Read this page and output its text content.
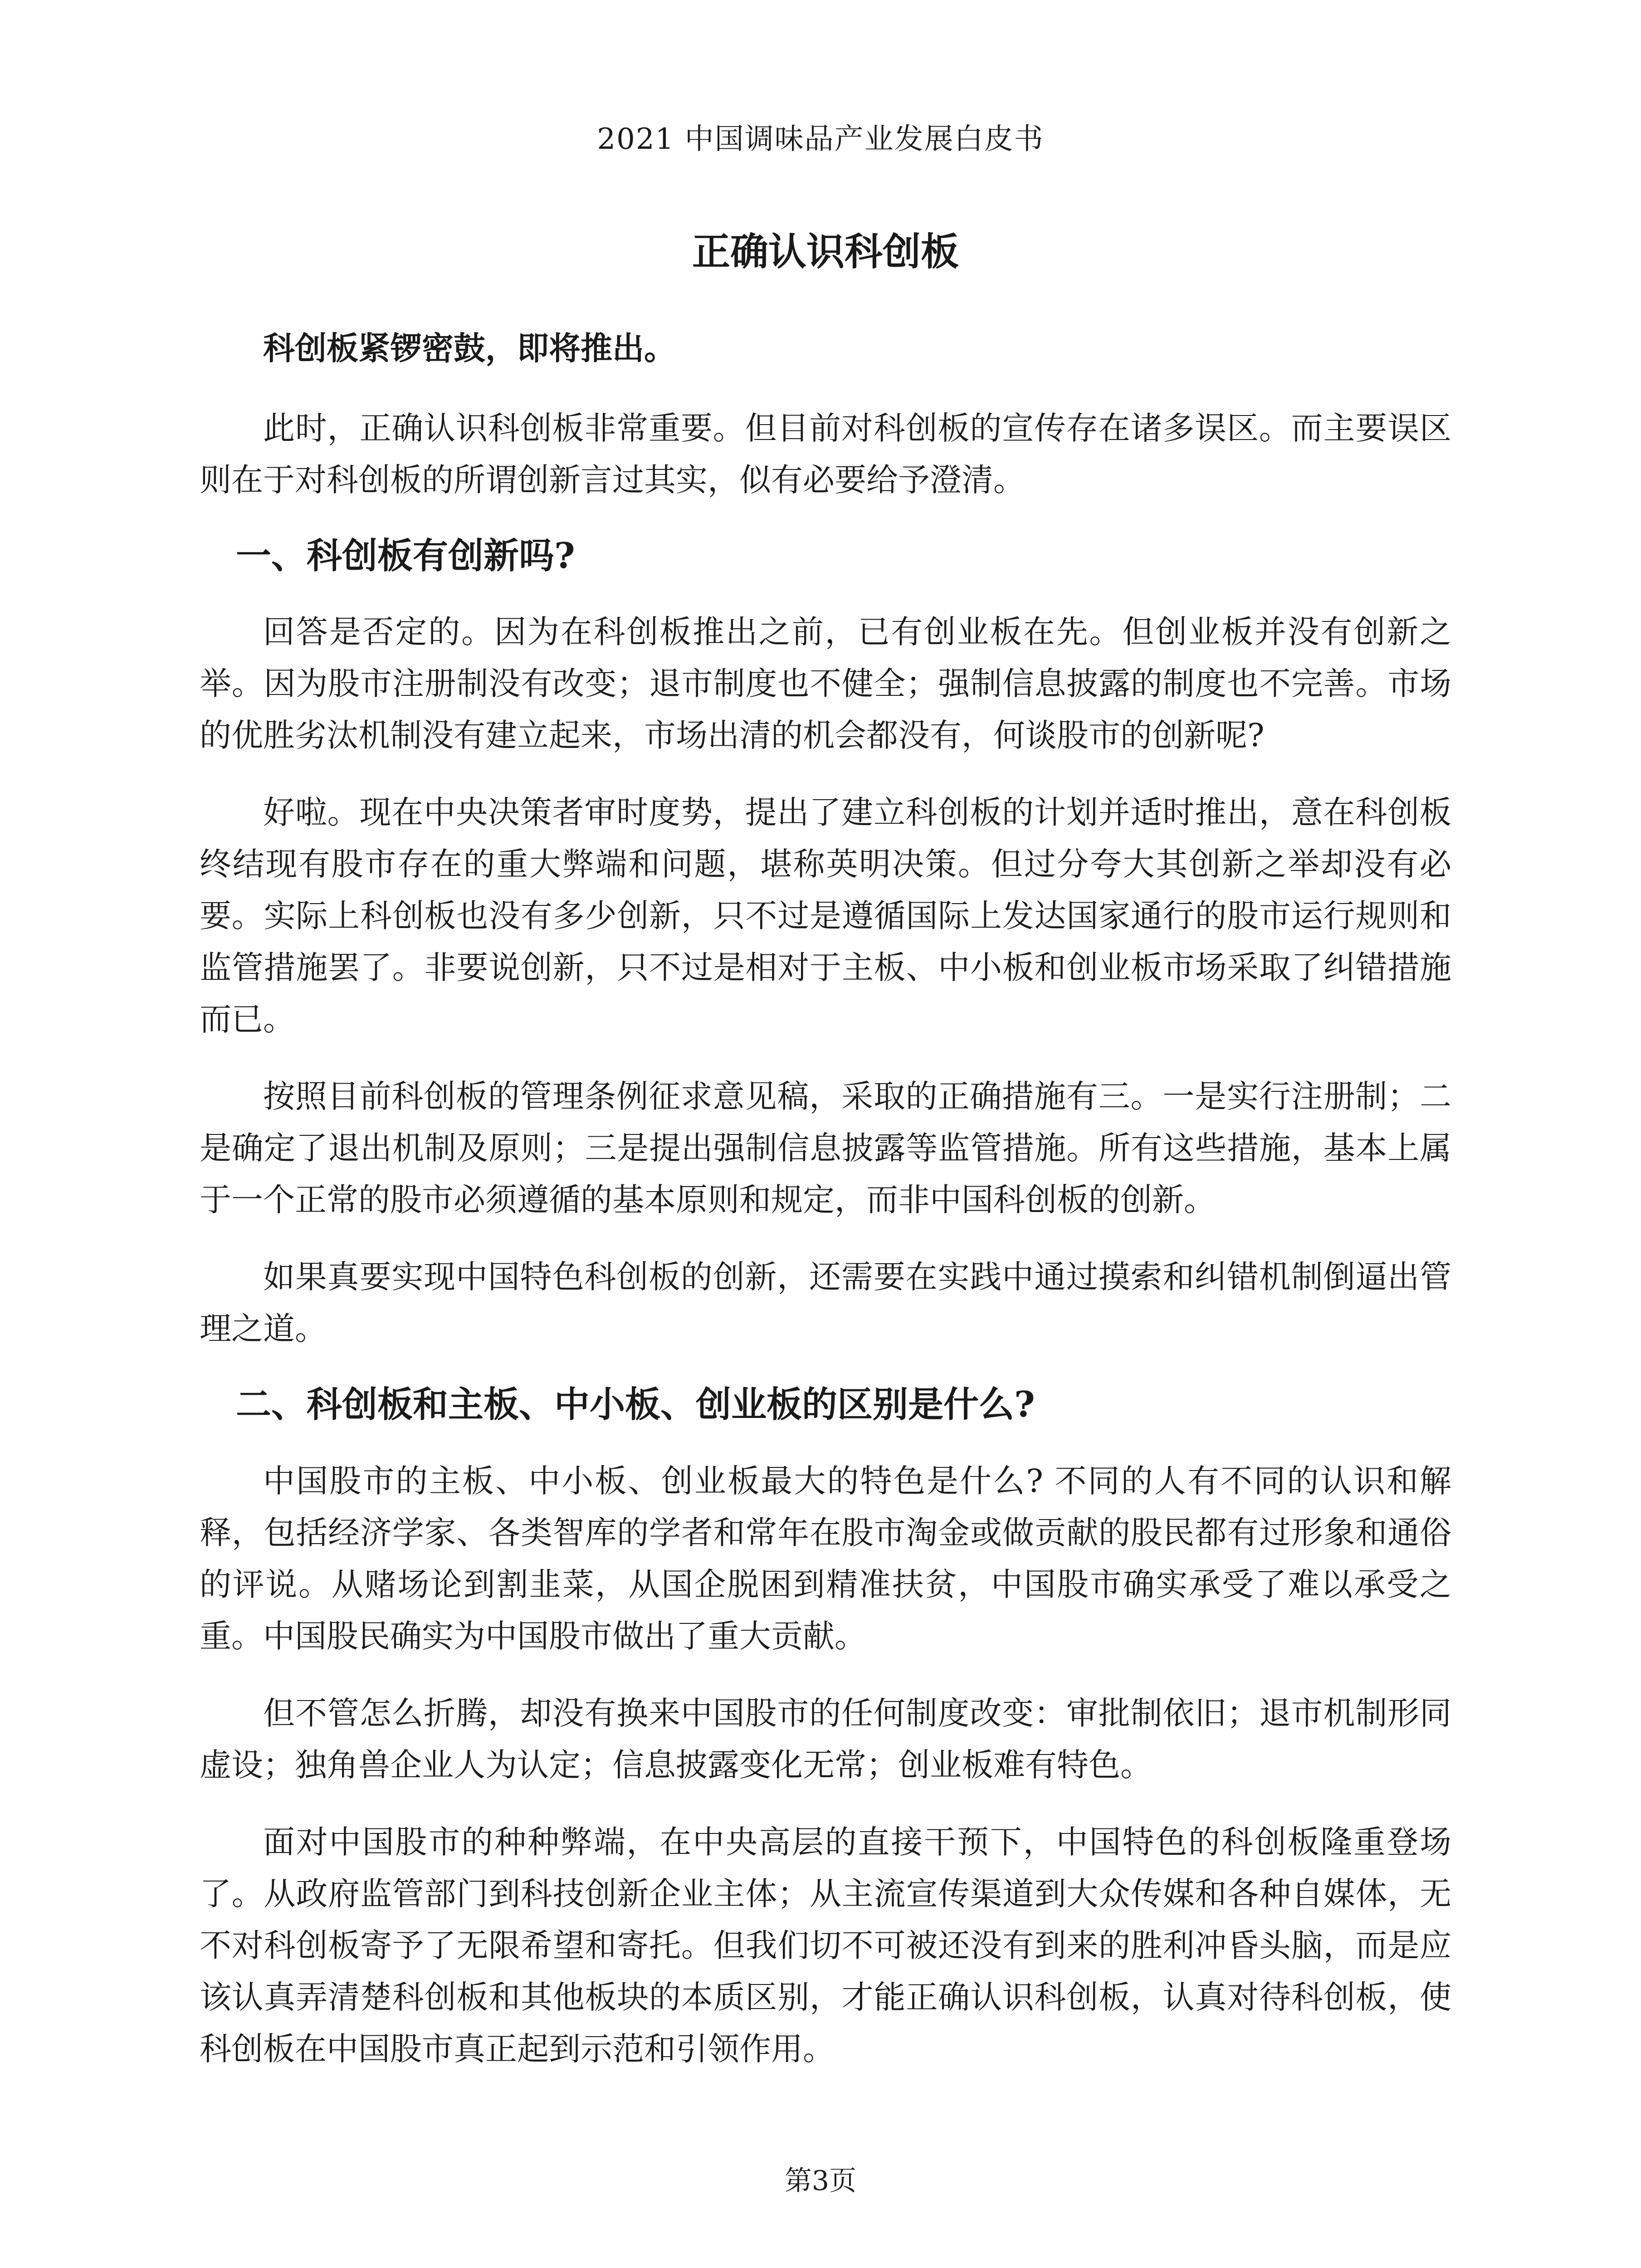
2021 中国调味品产业发展白皮书
正确认识科创板

科创板紧锣密鼓，即将推出。

此时，正确认识科创板非常重要。但目前对科创板的宣传存在诸多误区。而主要误区则在于对科创板的所谓创新言过其实，似有必要给予澄清。

一、科创板有创新吗?

回答是否定的。因为在科创板推出之前，已有创业板在先。但创业板并没有创新之举。因为股市注册制没有改变；退市制度也不健全；强制信息披露的制度也不完善。市场的优胜劣汰机制没有建立起来，市场出清的机会都没有，何谈股市的创新呢?

好啦。现在中央决策者审时度势，提出了建立科创板的计划并适时推出，意在科创板终结现有股市存在的重大弊端和问题，堪称英明决策。但过分夸大其创新之举却没有必要。实际上科创板也没有多少创新，只不过是遵循国际上发达国家通行的股市运行规则和监管措施罢了。非要说创新，只不过是相对于主板、中小板和创业板市场采取了纠错措施而已。

按照目前科创板的管理条例征求意见稿，采取的正确措施有三。一是实行注册制；二是确定了退出机制及原则；三是提出强制信息披露等监管措施。所有这些措施，基本上属于一个正常的股市必须遵循的基本原则和规定，而非中国科创板的创新。

如果真要实现中国特色科创板的创新，还需要在实践中通过摸索和纠错机制倒逼出管理之道。

二、科创板和主板、中小板、创业板的区别是什么?

中国股市的主板、中小板、创业板最大的特色是什么? 不同的人有不同的认识和解释，包括经济学家、各类智库的学者和常年在股市淘金或做贡献的股民都有过形象和通俗的评说。从赌场论到割韭菜，从国企脱困到精准扶贫，中国股市确实承受了难以承受之重。中国股民确实为中国股市做出了重大贡献。

但不管怎么折腾，却没有换来中国股市的任何制度改变：审批制依旧；退市机制形同虚设；独角兽企业人为认定；信息披露变化无常；创业板难有特色。

面对中国股市的种种弊端，在中央高层的直接干预下，中国特色的科创板隆重登场了。从政府监管部门到科技创新企业主体；从主流宣传渠道到大众传媒和各种自媒体，无不对科创板寄予了无限希望和寄托。但我们切不可被还没有到来的胜利冲昏头脑，而是应该认真弄清楚科创板和其他板块的本质区别，才能正确认识科创板，认真对待科创板，使科创板在中国股市真正起到示范和引领作用。

第3页
